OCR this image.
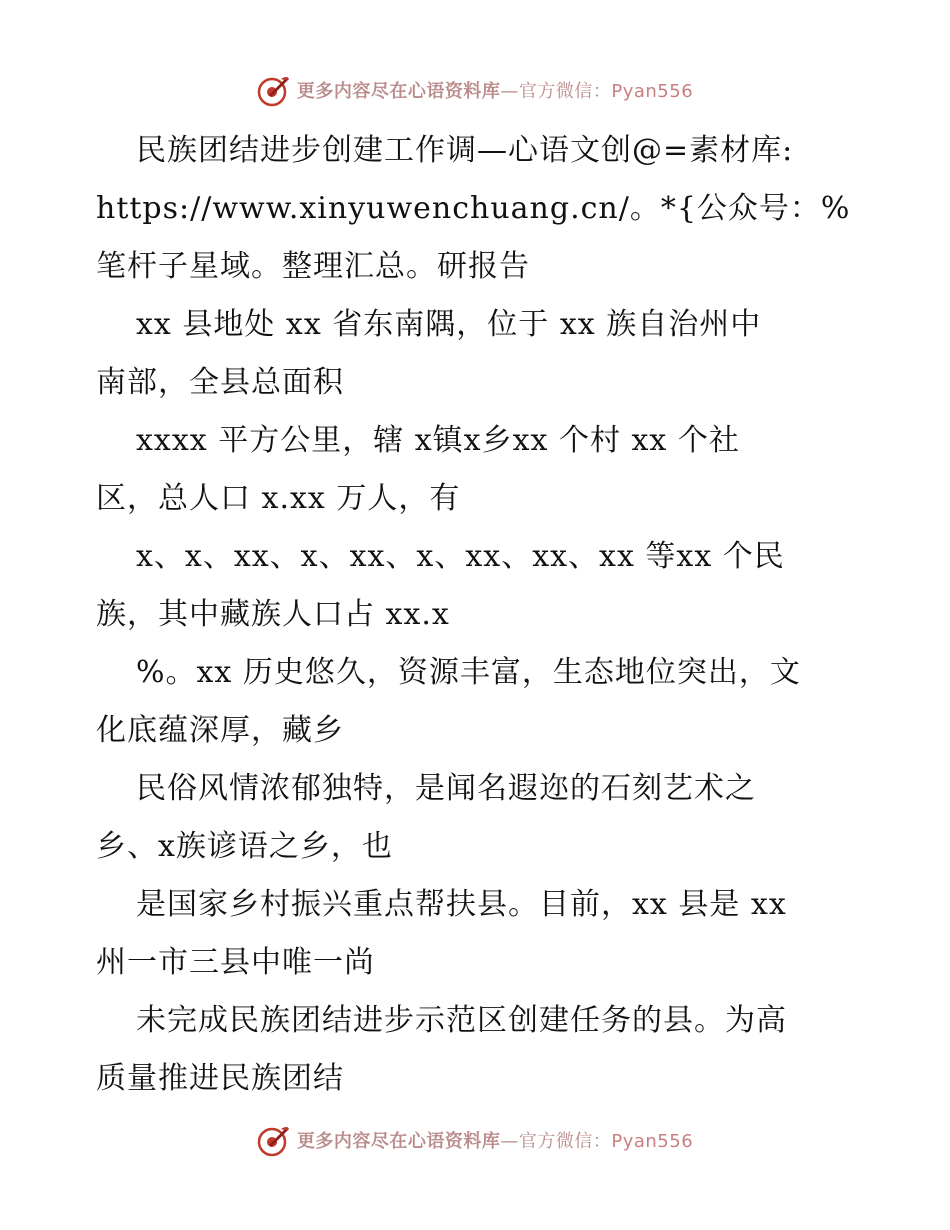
更多内容尽在心语资料库—官方微信：Pyan556
民族团结进步创建工作调—心语文创@=素材库:
https://www.xinyuwenchuang.cn/。*{公众号：%
笔杆子星域。整理汇总。研报告
xx 县地处 xx 省东南隅，位于 xx 族自治州中
南部，全县总面积
xxxx 平方公里，辖 x镇x乡xx 个村 xx 个社
区，总人口 x.xx 万人，有
x、x、xx、x、xx、x、xx、xx、xx 等xx 个民
族，其中藏族人口占 xx.x
%。xx 历史悠久，资源丰富，生态地位突出，文
化底蕴深厚，藏乡
民俗风情浓郁独特，是闻名遐迩的石刻艺术之
乡、x族谚语之乡，也
是国家乡村振兴重点帮扶县。目前，xx 县是 xx
州一市三县中唯一尚
未完成民族团结进步示范区创建任务的县。为高
质量推进民族团结
更多内容尽在心语资料库—官方微信：Pyan556
